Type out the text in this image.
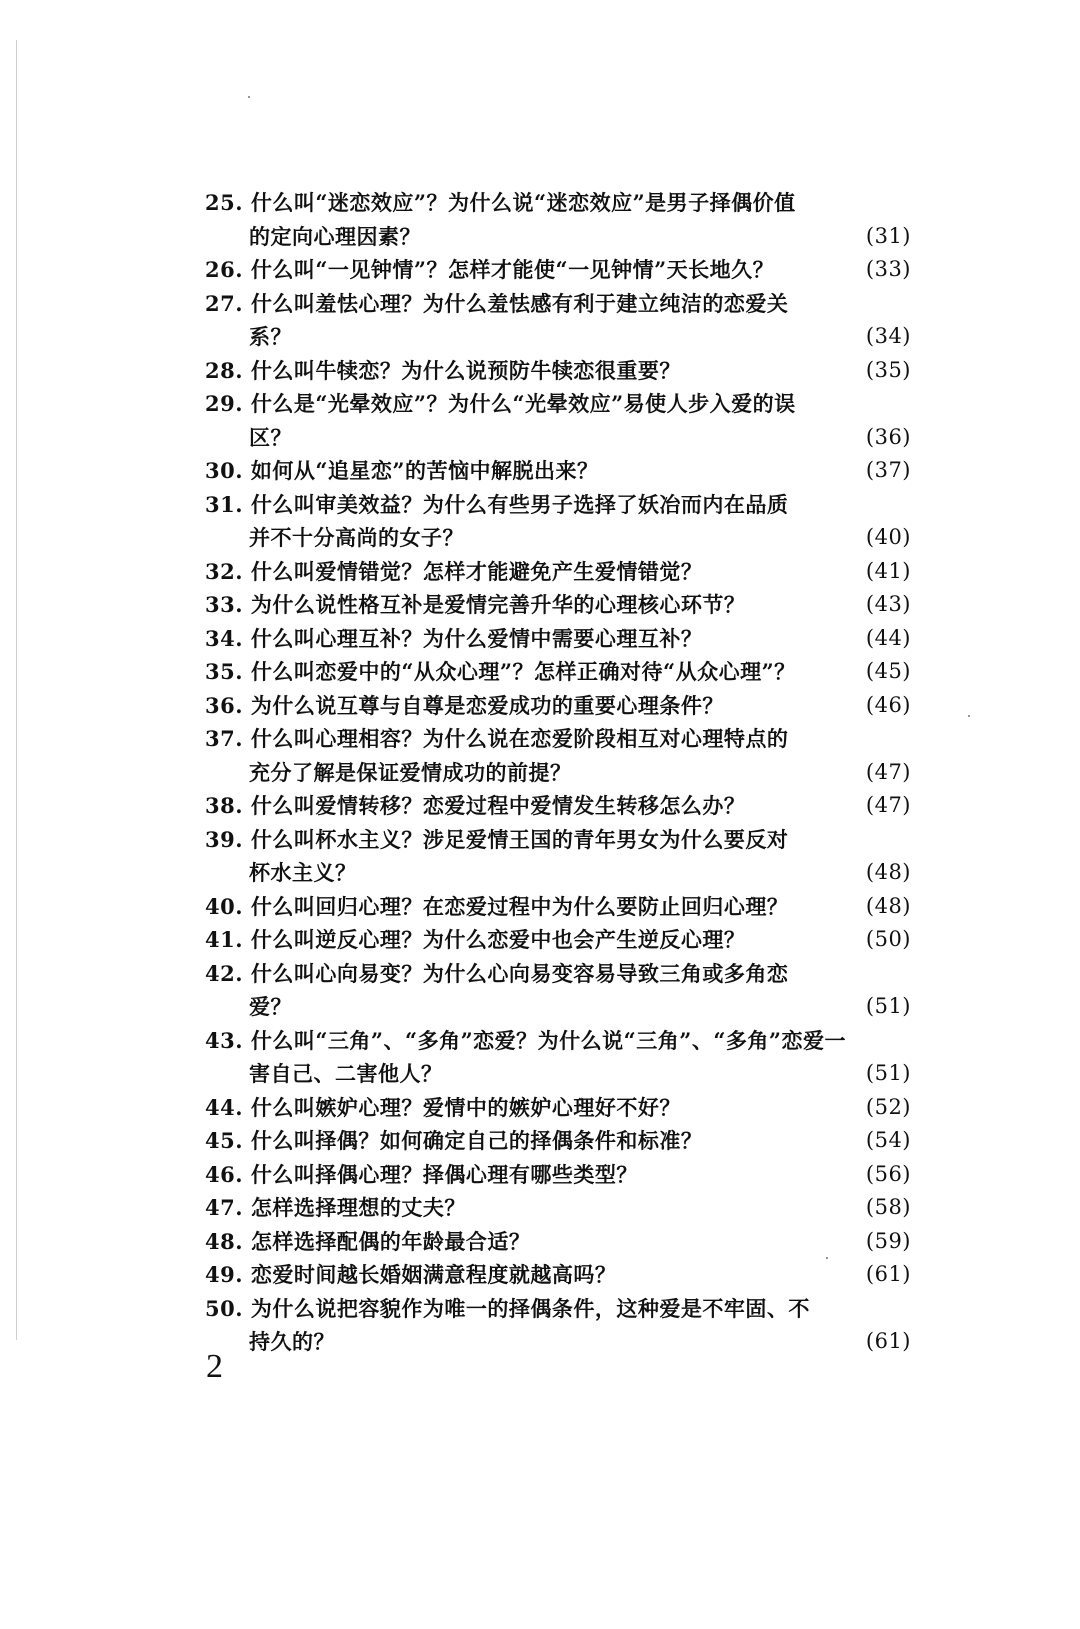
25. 什么叫“迷恋效应”？为什么说“迷恋效应”是男子择偶价值
的定向心理因素？	(31)
26. 什么叫“一见钟情”？怎样才能使“一见钟情”天长地久？	(33)
27. 什么叫羞怯心理？为什么羞怯感有利于建立纯洁的恋爱关
系？	(34)
28. 什么叫牛犊恋？为什么说预防牛犊恋很重要？	(35)
29. 什么是“光晕效应”？为什么“光晕效应”易使人步入爱的误
区？	(36)
30. 如何从“追星恋”的苦恼中解脱出来？	(37)
31. 什么叫审美效益？为什么有些男子选择了妖冶而内在品质
并不十分高尚的女子？	(40)
32. 什么叫爱情错觉？怎样才能避免产生爱情错觉？	(41)
33. 为什么说性格互补是爱情完善升华的心理核心环节？	(43)
34. 什么叫心理互补？为什么爱情中需要心理互补？	(44)
35. 什么叫恋爱中的“从众心理”？怎样正确对待“从众心理”？	(45)
36. 为什么说互尊与自尊是恋爱成功的重要心理条件？	(46)
37. 什么叫心理相容？为什么说在恋爱阶段相互对心理特点的
充分了解是保证爱情成功的前提？	(47)
38. 什么叫爱情转移？恋爱过程中爱情发生转移怎么办？	(47)
39. 什么叫杯水主义？涉足爱情王国的青年男女为什么要反对
杯水主义？	(48)
40. 什么叫回归心理？在恋爱过程中为什么要防止回归心理？	(48)
41. 什么叫逆反心理？为什么恋爱中也会产生逆反心理？	(50)
42. 什么叫心向易变？为什么心向易变容易导致三角或多角恋
爱？	(51)
43. 什么叫“三角”、“多角”恋爱？为什么说“三角”、“多角”恋爱一
害自己、二害他人？	(51)
44. 什么叫嫉妒心理？爱情中的嫉妒心理好不好？	(52)
45. 什么叫择偶？如何确定自己的择偶条件和标准？	(54)
46. 什么叫择偶心理？择偶心理有哪些类型？	(56)
47. 怎样选择理想的丈夫？	(58)
48. 怎样选择配偶的年龄最合适？	(59)
49. 恋爱时间越长婚姻满意程度就越高吗？	(61)
50. 为什么说把容貌作为唯一的择偶条件，这种爱是不牢固、不
持久的？	(61)
2
